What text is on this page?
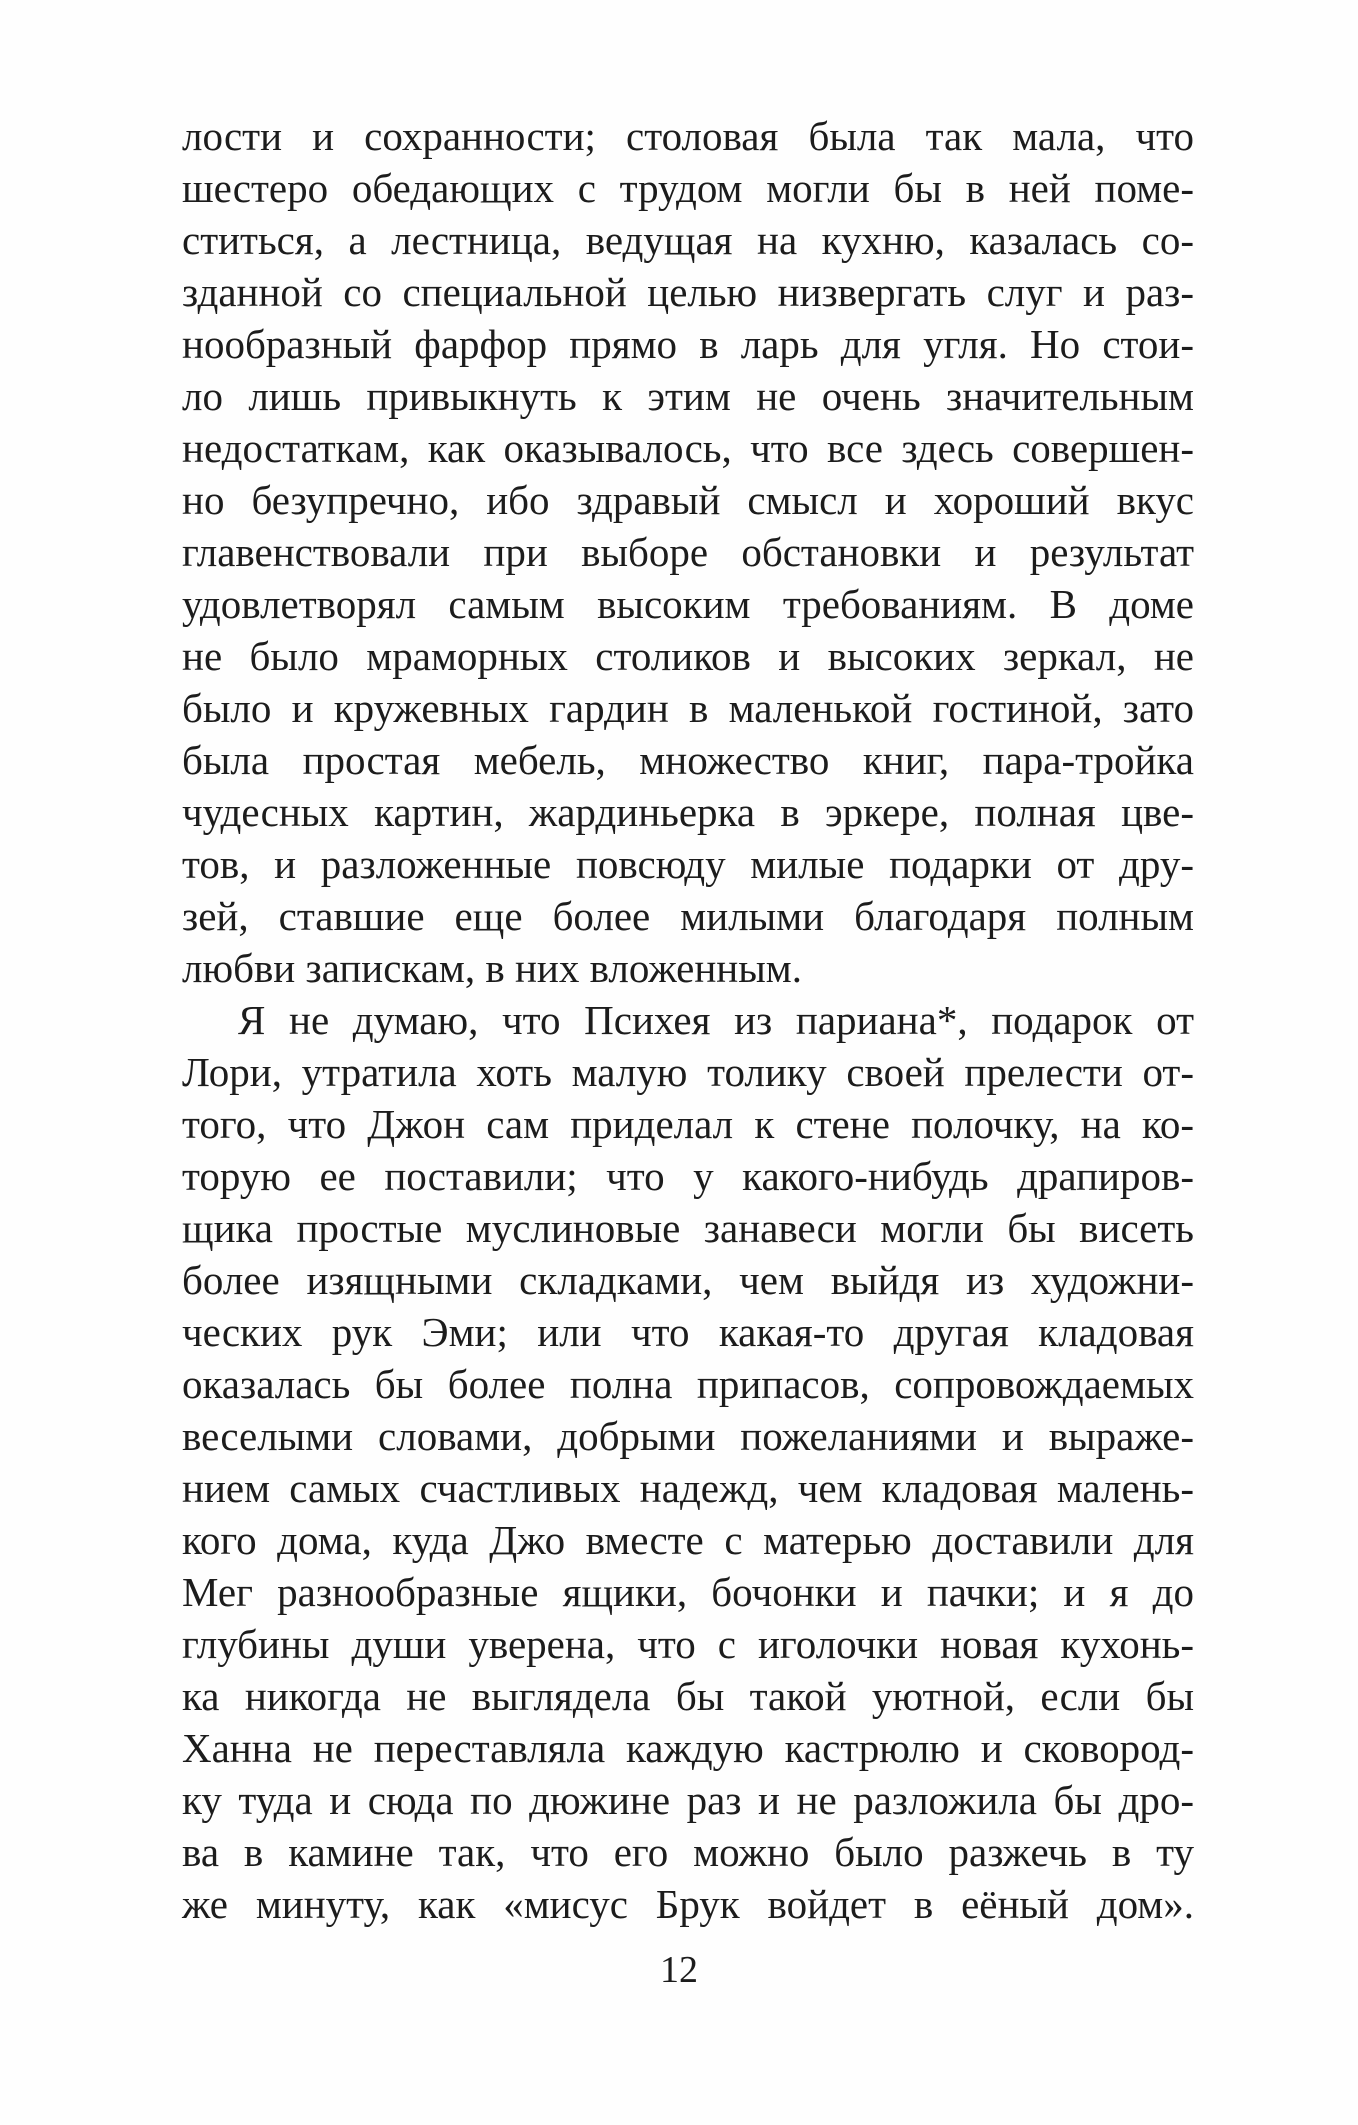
лости и сохранности; столовая была так мала, что
шестеро обедающих с трудом могли бы в ней поме-
ститься, а лестница, ведущая на кухню, казалась со-
зданной со специальной целью низвергать слуг и раз-
нообразный фарфор прямо в ларь для угля. Но стои-
ло лишь привыкнуть к этим не очень значительным
недостаткам, как оказывалось, что все здесь совершен-
но безупречно, ибо здравый смысл и хороший вкус
главенствовали при выборе обстановки и результат
удовлетворял самым высоким требованиям. В доме
не было мраморных столиков и высоких зеркал, не
было и кружевных гардин в маленькой гостиной, зато
была простая мебель, множество книг, пара-тройка
чудесных картин, жардиньерка в эркере, полная цве-
тов, и разложенные повсюду милые подарки от дру-
зей, ставшие еще более милыми благодаря полным
любви запискам, в них вложенным.
Я не думаю, что Психея из париана*, подарок от
Лори, утратила хоть малую толику своей прелести от-
того, что Джон сам приделал к стене полочку, на ко-
торую ее поставили; что у какого-нибудь драпиров-
щика простые муслиновые занавеси могли бы висеть
более изящными складками, чем выйдя из художни-
ческих рук Эми; или что какая-то другая кладовая
оказалась бы более полна припасов, сопровождаемых
веселыми словами, добрыми пожеланиями и выраже-
нием самых счастливых надежд, чем кладовая малень-
кого дома, куда Джо вместе с матерью доставили для
Мег разнообразные ящики, бочонки и пачки; и я до
глубины души уверена, что с иголочки новая кухонь-
ка никогда не выглядела бы такой уютной, если бы
Ханна не переставляла каждую кастрюлю и сковород-
ку туда и сюда по дюжине раз и не разложила бы дро-
ва в камине так, что его можно было разжечь в ту
же минуту, как «мисус Брук войдет в еёный дом».
12
